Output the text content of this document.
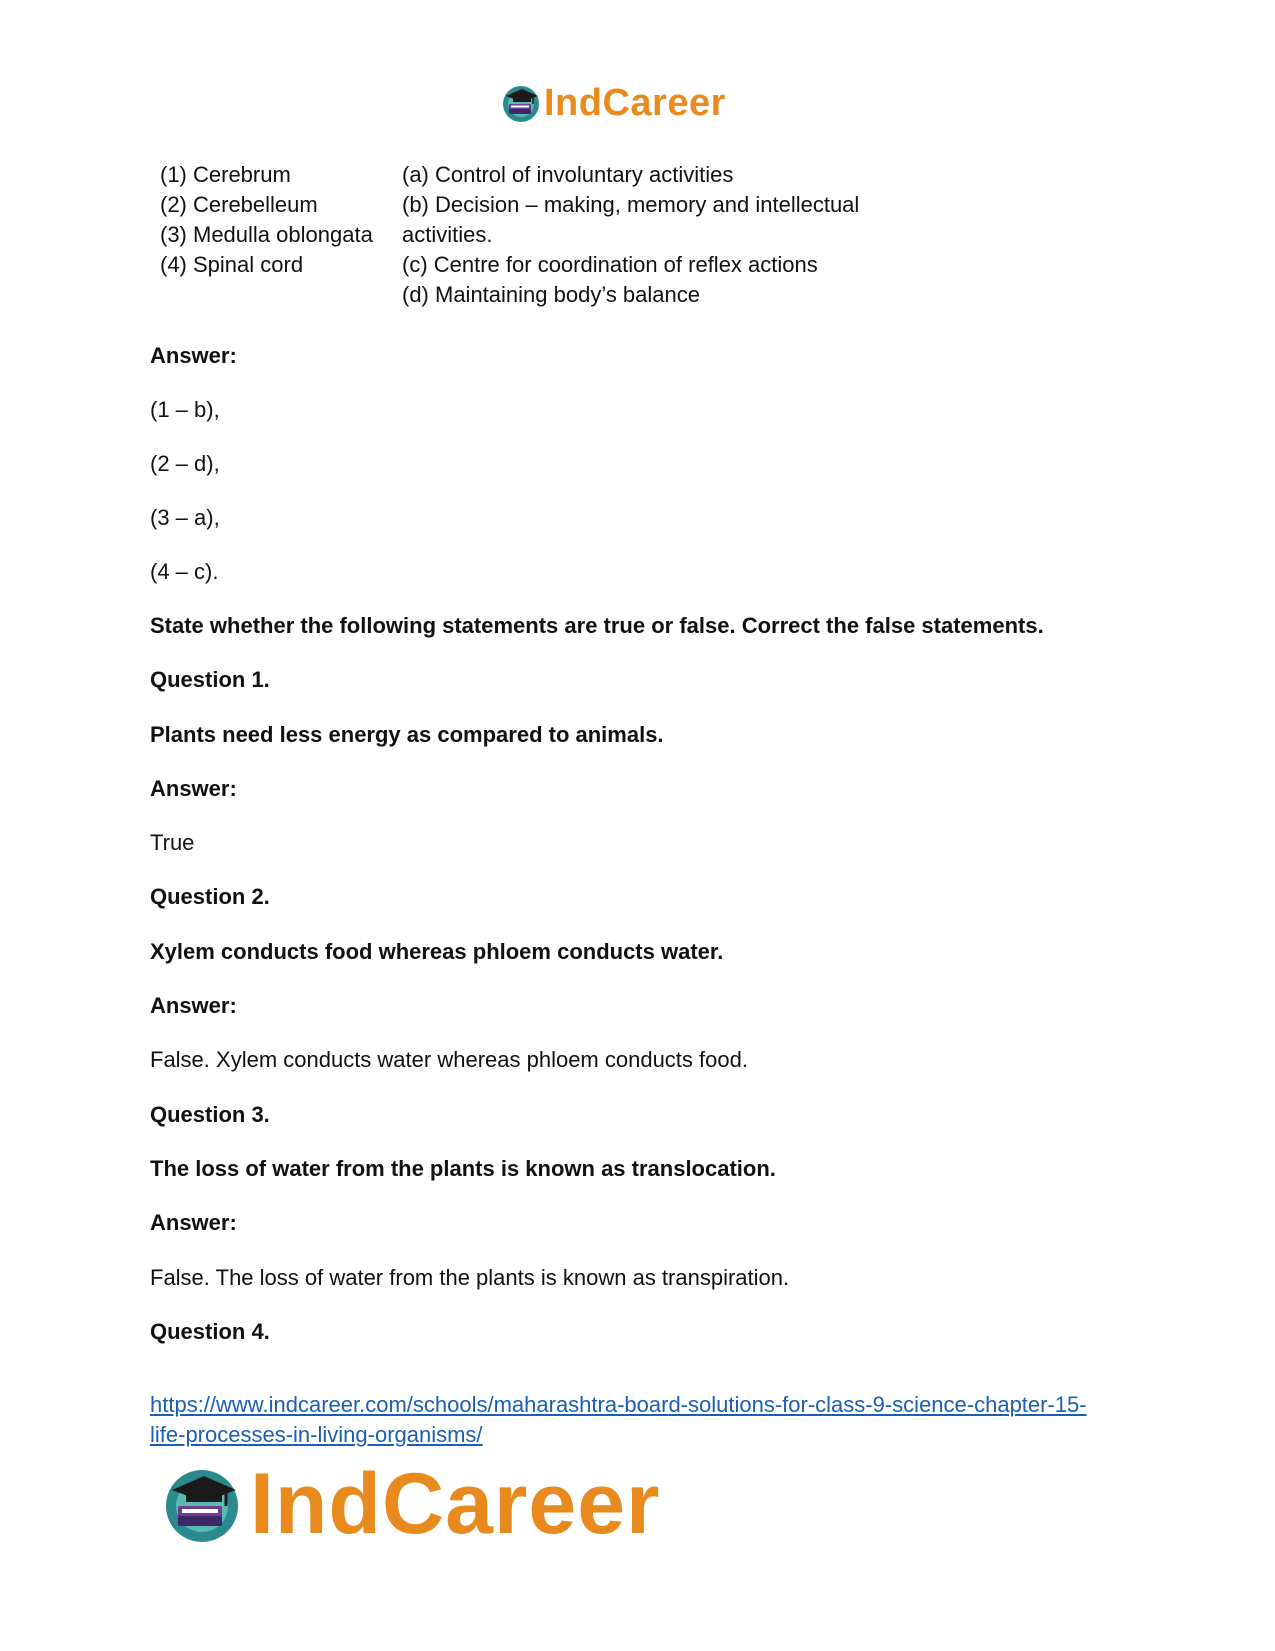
IndCareer
(1) Cerebrum
(2) Cerebelleum
(3) Medulla oblongata
(4) Spinal cord
(a) Control of involuntary activities
(b) Decision – making, memory and intellectual
activities.
(c) Centre for coordination of reflex actions
(d) Maintaining body’s balance
Answer:
(1 – b),
(2 – d),
(3 – a),
(4 – c).
State whether the following statements are true or false. Correct the false statements.
Question 1.
Plants need less energy as compared to animals.
Answer:
True
Question 2.
Xylem conducts food whereas phloem conducts water.
Answer:
False. Xylem conducts water whereas phloem conducts food.
Question 3.
The loss of water from the plants is known as translocation.
Answer:
False. The loss of water from the plants is known as transpiration.
Question 4.
https://www.indcareer.com/schools/maharashtra-board-solutions-for-class-9-science-chapter-15-
life-processes-in-living-organisms/
IndCareer
